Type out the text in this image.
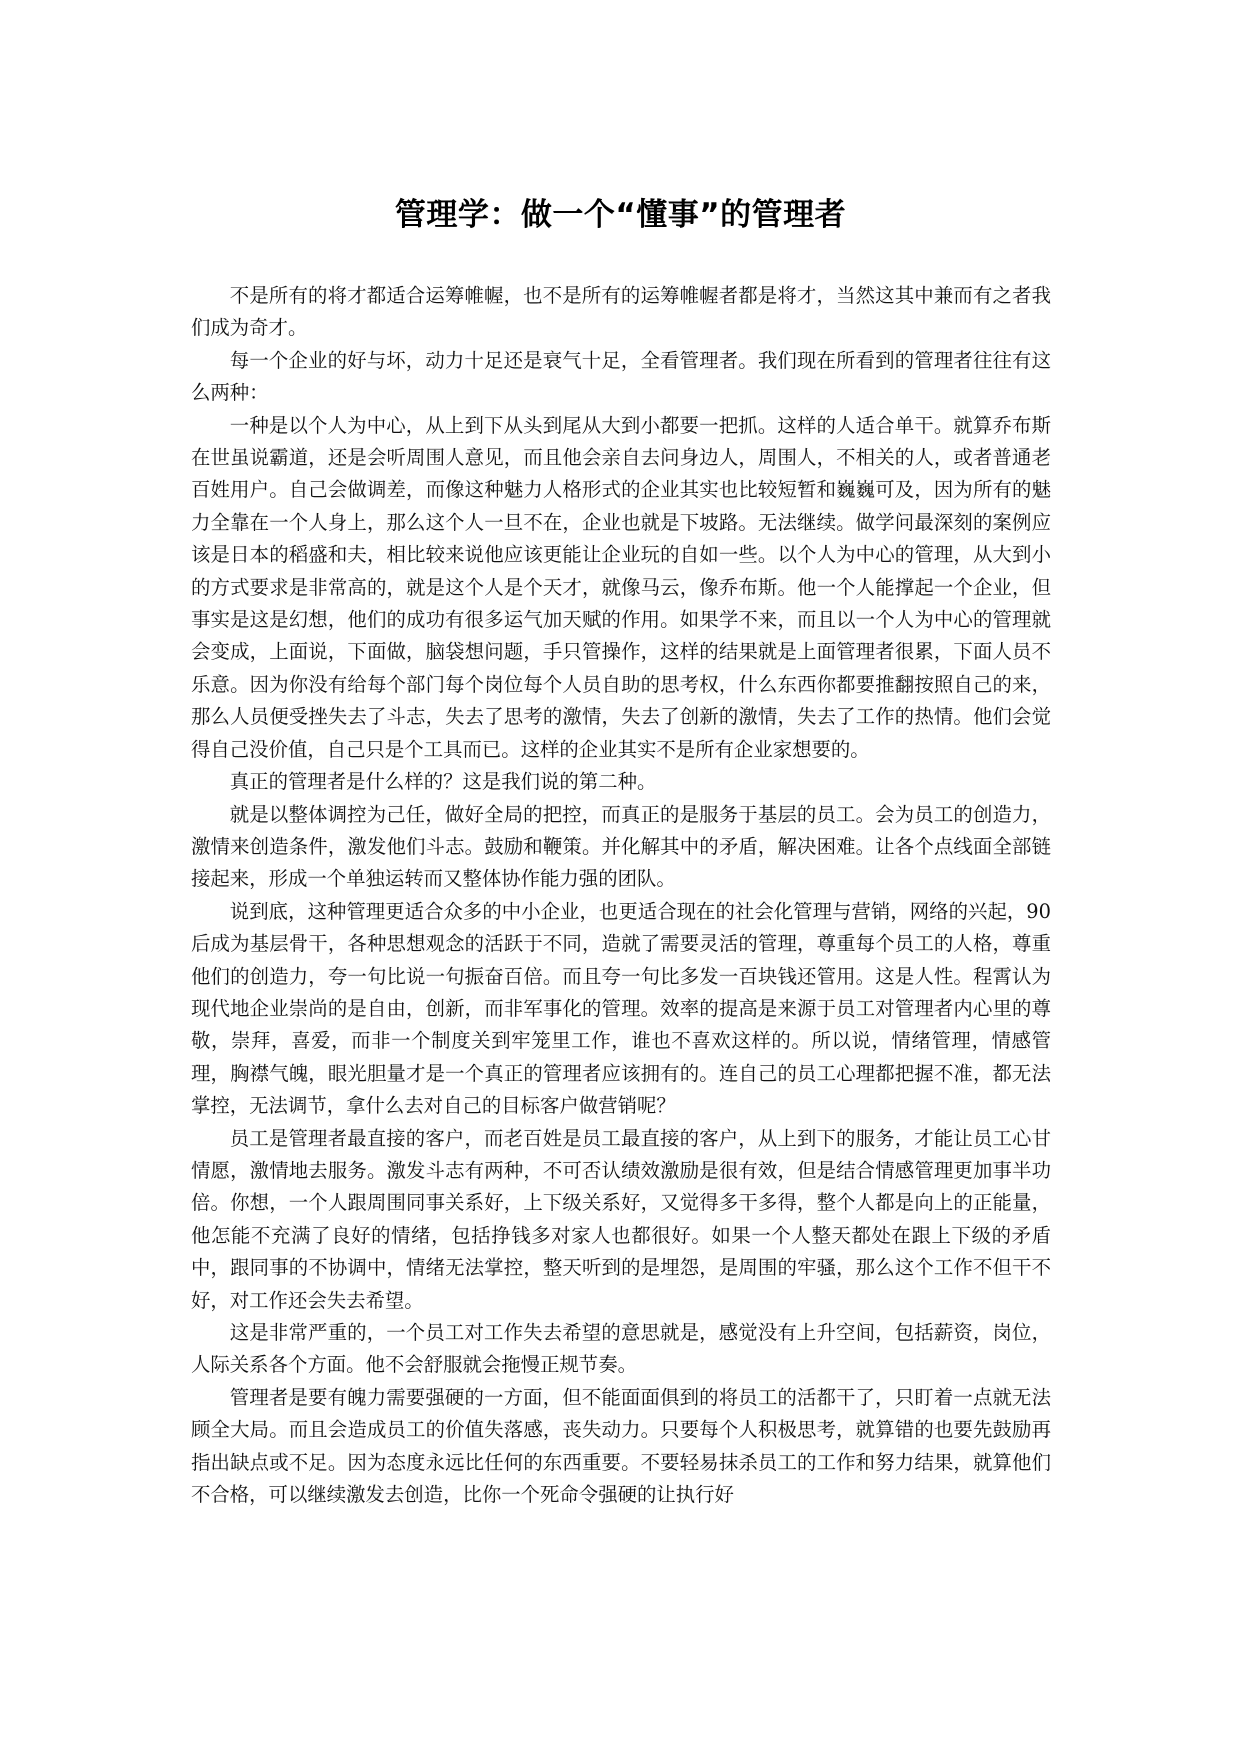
管理学：做一个“懂事”的管理者

不是所有的将才都适合运筹帷幄，也不是所有的运筹帷幄者都是将才，当然这其中兼而有之者我们成为奇才。

每一个企业的好与坏，动力十足还是衰气十足，全看管理者。我们现在所看到的管理者往往有这么两种：

一种是以个人为中心，从上到下从头到尾从大到小都要一把抓。这样的人适合单干。就算乔布斯在世虽说霸道，还是会听周围人意见，而且他会亲自去问身边人，周围人，不相关的人，或者普通老百姓用户。自己会做调差，而像这种魅力人格形式的企业其实也比较短暂和巍巍可及，因为所有的魅力全靠在一个人身上，那么这个人一旦不在，企业也就是下坡路。无法继续。做学问最深刻的案例应该是日本的稻盛和夫，相比较来说他应该更能让企业玩的自如一些。以个人为中心的管理，从大到小的方式要求是非常高的，就是这个人是个天才，就像马云，像乔布斯。他一个人能撑起一个企业，但事实是这是幻想，他们的成功有很多运气加天赋的作用。如果学不来，而且以一个人为中心的管理就会变成，上面说，下面做，脑袋想问题，手只管操作，这样的结果就是上面管理者很累，下面人员不乐意。因为你没有给每个部门每个岗位每个人员自助的思考权，什么东西你都要推翻按照自己的来，那么人员便受挫失去了斗志，失去了思考的激情，失去了创新的激情，失去了工作的热情。他们会觉得自己没价值，自己只是个工具而已。这样的企业其实不是所有企业家想要的。

真正的管理者是什么样的？这是我们说的第二种。

就是以整体调控为己任，做好全局的把控，而真正的是服务于基层的员工。会为员工的创造力，激情来创造条件，激发他们斗志。鼓励和鞭策。并化解其中的矛盾，解决困难。让各个点线面全部链接起来，形成一个单独运转而又整体协作能力强的团队。

说到底，这种管理更适合众多的中小企业，也更适合现在的社会化管理与营销，网络的兴起，90后成为基层骨干，各种思想观念的活跃于不同，造就了需要灵活的管理，尊重每个员工的人格，尊重他们的创造力，夸一句比说一句振奋百倍。而且夸一句比多发一百块钱还管用。这是人性。程霄认为现代地企业崇尚的是自由，创新，而非军事化的管理。效率的提高是来源于员工对管理者内心里的尊敬，崇拜，喜爱，而非一个制度关到牢笼里工作，谁也不喜欢这样的。所以说，情绪管理，情感管理，胸襟气魄，眼光胆量才是一个真正的管理者应该拥有的。连自己的员工心理都把握不准，都无法掌控，无法调节，拿什么去对自己的目标客户做营销呢？

员工是管理者最直接的客户，而老百姓是员工最直接的客户，从上到下的服务，才能让员工心甘情愿，激情地去服务。激发斗志有两种，不可否认绩效激励是很有效，但是结合情感管理更加事半功倍。你想，一个人跟周围同事关系好，上下级关系好，又觉得多干多得，整个人都是向上的正能量，他怎能不充满了良好的情绪，包括挣钱多对家人也都很好。如果一个人整天都处在跟上下级的矛盾中，跟同事的不协调中，情绪无法掌控，整天听到的是埋怨，是周围的牢骚，那么这个工作不但干不好，对工作还会失去希望。

这是非常严重的，一个员工对工作失去希望的意思就是，感觉没有上升空间，包括薪资，岗位，人际关系各个方面。他不会舒服就会拖慢正规节奏。

管理者是要有魄力需要强硬的一方面，但不能面面俱到的将员工的活都干了，只盯着一点就无法顾全大局。而且会造成员工的价值失落感，丧失动力。只要每个人积极思考，就算错的也要先鼓励再指出缺点或不足。因为态度永远比任何的东西重要。不要轻易抹杀员工的工作和努力结果，就算他们不合格，可以继续激发去创造，比你一个死命令强硬的让执行好
